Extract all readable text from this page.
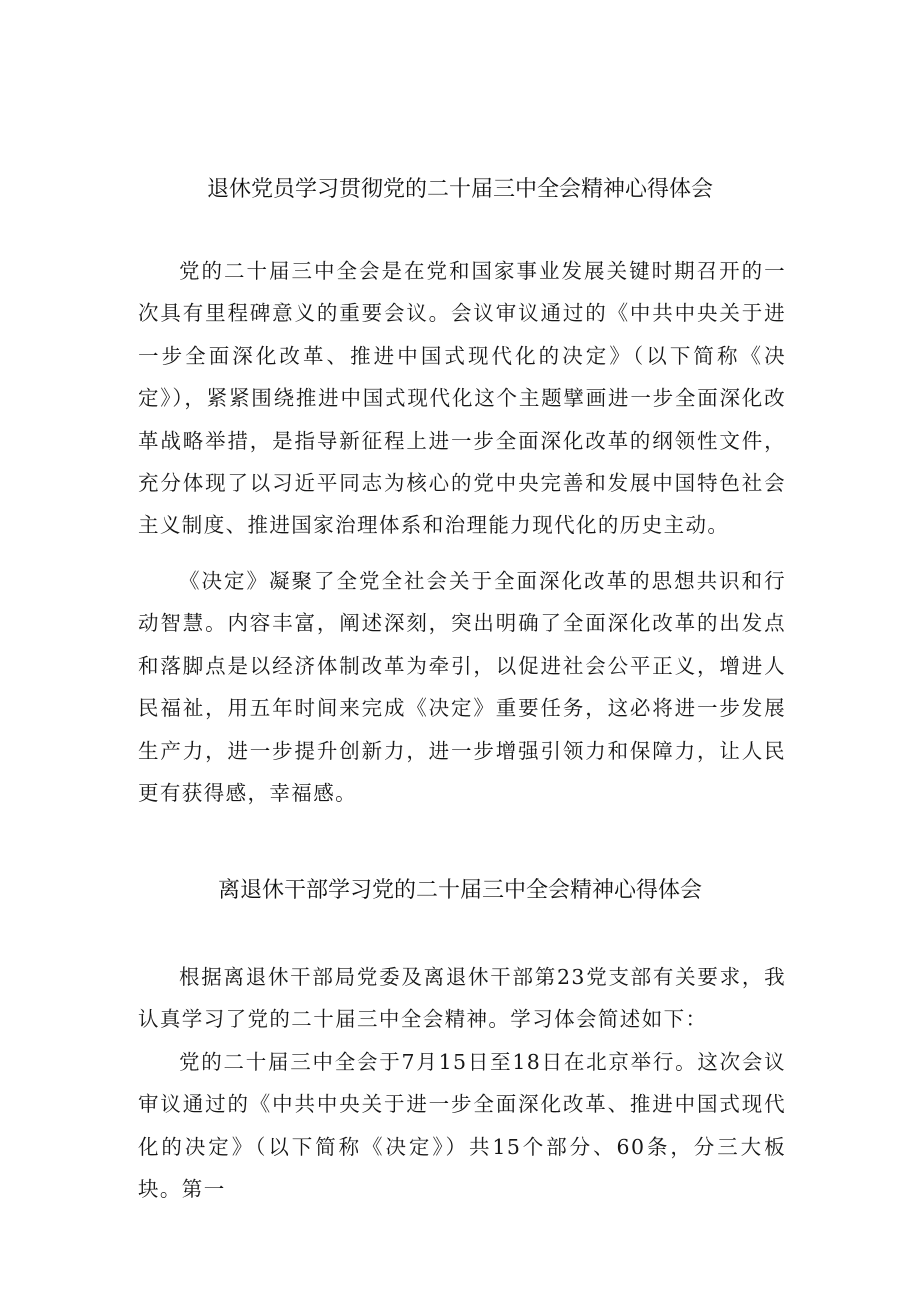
退休党员学习贯彻党的二十届三中全会精神心得体会

党的二十届三中全会是在党和国家事业发展关键时期召开的一次具有里程碑意义的重要会议。会议审议通过的《中共中央关于进一步全面深化改革、推进中国式现代化的决定》（以下简称《决定》），紧紧围绕推进中国式现代化这个主题擘画进一步全面深化改革战略举措，是指导新征程上进一步全面深化改革的纲领性文件，充分体现了以习近平同志为核心的党中央完善和发展中国特色社会主义制度、推进国家治理体系和治理能力现代化的历史主动。

《决定》凝聚了全党全社会关于全面深化改革的思想共识和行动智慧。内容丰富，阐述深刻，突出明确了全面深化改革的出发点和落脚点是以经济体制改革为牵引，以促进社会公平正义，增进人民福祉，用五年时间来完成《决定》重要任务，这必将进一步发展生产力，进一步提升创新力，进一步增强引领力和保障力，让人民更有获得感，幸福感。

离退休干部学习党的二十届三中全会精神心得体会

根据离退休干部局党委及离退休干部第23党支部有关要求，我认真学习了党的二十届三中全会精神。学习体会简述如下：

党的二十届三中全会于7月15日至18日在北京举行。这次会议审议通过的《中共中央关于进一步全面深化改革、推进中国式现代化的决定》（以下简称《决定》）共15个部分、60条，分三大板块。第一
